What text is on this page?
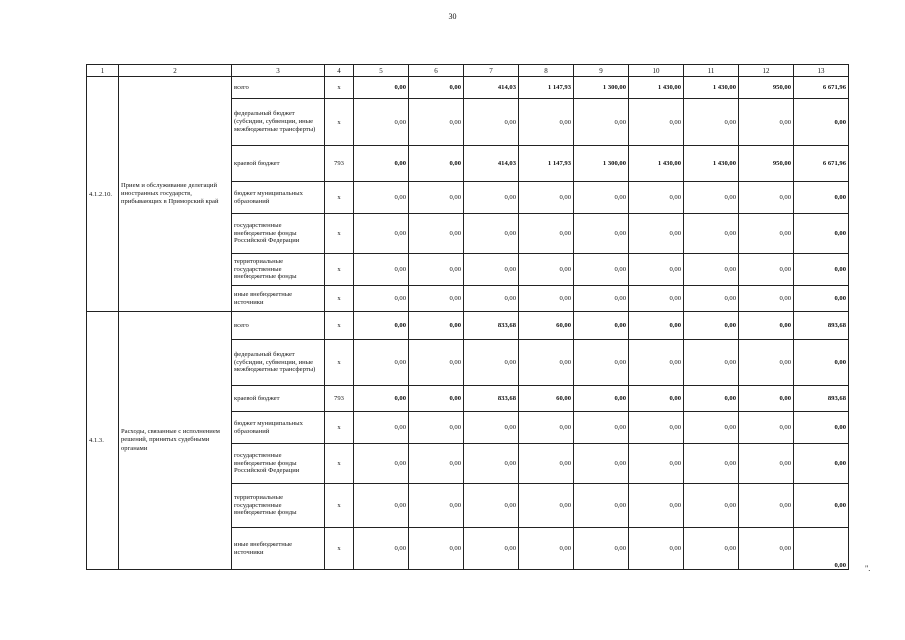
30
1	2	3	4	5	6	7	8	9	10	11	12	13
4.1.2.10.	Прием и обслуживание делегаций иностранных государств, прибывающих в Приморский край	всего	х	0,00	0,00	414,03	1 147,93	1 300,00	1 430,00	1 430,00	950,00	6 671,96
		федеральный бюджет (субсидии, субвенции, иные межбюджетные трансферты)	х	0,00	0,00	0,00	0,00	0,00	0,00	0,00	0,00	0,00
		краевой бюджет	793	0,00	0,00	414,03	1 147,93	1 300,00	1 430,00	1 430,00	950,00	6 671,96
		бюджет муниципальных образований	х	0,00	0,00	0,00	0,00	0,00	0,00	0,00	0,00	0,00
		государственные внебюджетные фонды Российской Федерации	х	0,00	0,00	0,00	0,00	0,00	0,00	0,00	0,00	0,00
		территориальные государственные внебюджетные фонды	х	0,00	0,00	0,00	0,00	0,00	0,00	0,00	0,00	0,00
		иные внебюджетные источники	х	0,00	0,00	0,00	0,00	0,00	0,00	0,00	0,00	0,00
4.1.3.	Расходы, связанные с исполнением решений, принятых судебными органами	всего	х	0,00	0,00	833,68	60,00	0,00	0,00	0,00	0,00	893,68
		федеральный бюджет (субсидии, субвенции, иные межбюджетные трансферты)	х	0,00	0,00	0,00	0,00	0,00	0,00	0,00	0,00	0,00
		краевой бюджет	793	0,00	0,00	833,68	60,00	0,00	0,00	0,00	0,00	893,68
		бюджет муниципальных образований	х	0,00	0,00	0,00	0,00	0,00	0,00	0,00	0,00	0,00
		государственные внебюджетные фонды Российской Федерации	х	0,00	0,00	0,00	0,00	0,00	0,00	0,00	0,00	0,00
		территориальные государственные внебюджетные фонды	х	0,00	0,00	0,00	0,00	0,00	0,00	0,00	0,00	0,00
		иные внебюджетные источники	х	0,00	0,00	0,00	0,00	0,00	0,00	0,00	0,00	0,00 ".
